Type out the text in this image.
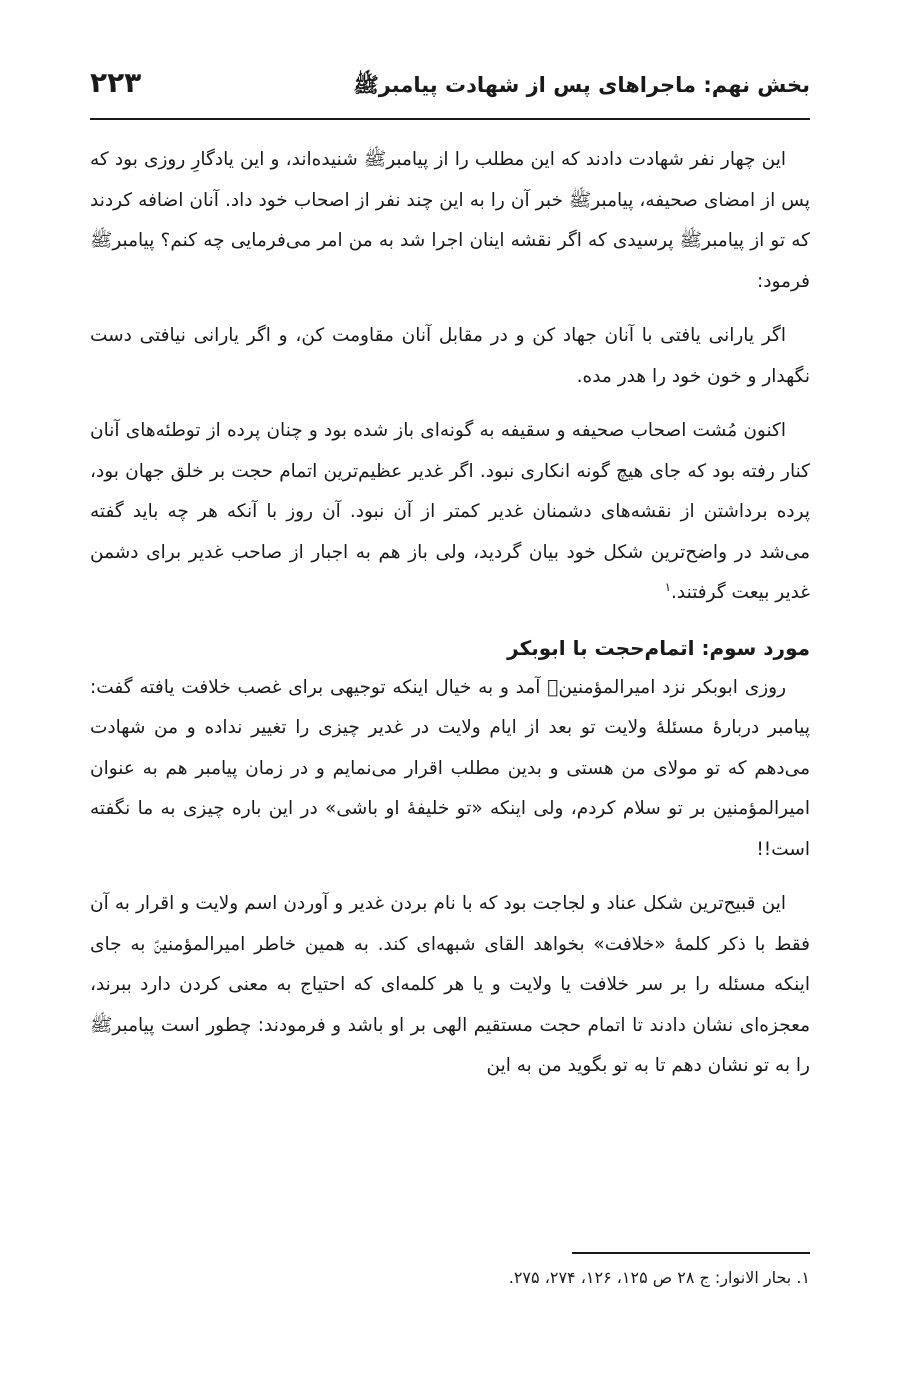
بخش نهم: ماجراهای پس از شهادت پیامبرﷺ
۲۲۳

این چهار نفر شهادت دادند که این مطلب را از پیامبرﷺ شنیده‌اند، و این یادگارِ روزی بود که پس از امضای صحیفه، پیامبرﷺ خبر آن را به این چند نفر از اصحاب خود داد. آنان اضافه کردند که تو از پیامبرﷺ پرسیدی که اگر نقشه اینان اجرا شد به من امر می‌فرمایی چه کنم؟ پیامبرﷺ فرمود:

اگر یارانی یافتی با آنان جهاد کن و در مقابل آنان مقاومت کن، و اگر یارانی نیافتی دست نگهدار و خون خود را هدر مده.

اکنون مُشت اصحاب صحیفه و سقیفه به گونه‌ای باز شده بود و چنان پرده از توطئه‌های آنان کنار رفته بود که جای هیچ گونه انکاری نبود. اگر غدیر عظیم‌ترین اتمام حجت بر خلق جهان بود، پرده برداشتن از نقشه‌های دشمنان غدیر کمتر از آن نبود. آن روز با آنکه هر چه باید گفته می‌شد در واضح‌ترین شکل خود بیان گردید، ولی باز هم به اجبار از صاحب غدیر برای دشمن غدیر بیعت گرفتند.$^۱$

مورد سوم: اتمام‌حجت با ابوبکر

روزی ابوبکر نزد امیرالمؤمنینؑ آمد و به خیال اینکه توجیهی برای غصب خلافت یافته گفت: پیامبر دربارهٔ مسئلهٔ ولایت تو بعد از ایام ولایت در غدیر چیزی را تغییر نداده و من شهادت می‌دهم که تو مولای من هستی و بدین مطلب اقرار می‌نمایم و در زمان پیامبر هم به عنوان امیرالمؤمنین بر تو سلام کردم، ولی اینکه «تو خلیفهٔ او باشی» در این باره چیزی به ما نگفته است!!

این قبیح‌ترین شکل عناد و لجاجت بود که با نام بردن غدیر و آوردن اسم ولایت و اقرار به آن فقط با ذکر کلمهٔ «خلافت» بخواهد القای شبهه‌ای کند. به همین خاطر امیرالمؤمنینؑ به جای اینکه مسئله را بر سر خلافت یا ولایت و یا هر کلمه‌ای که احتیاج به معنی کردن دارد ببرند، معجزه‌ای نشان دادند تا اتمام حجت مستقیم الهی بر او باشد و فرمودند: چطور است پیامبرﷺ را به تو نشان دهم تا به تو بگوید من به این

۱. بحار الانوار: ج ۲۸ ص ۱۲۵، ۱۲۶، ۲۷۴، ۲۷۵.
